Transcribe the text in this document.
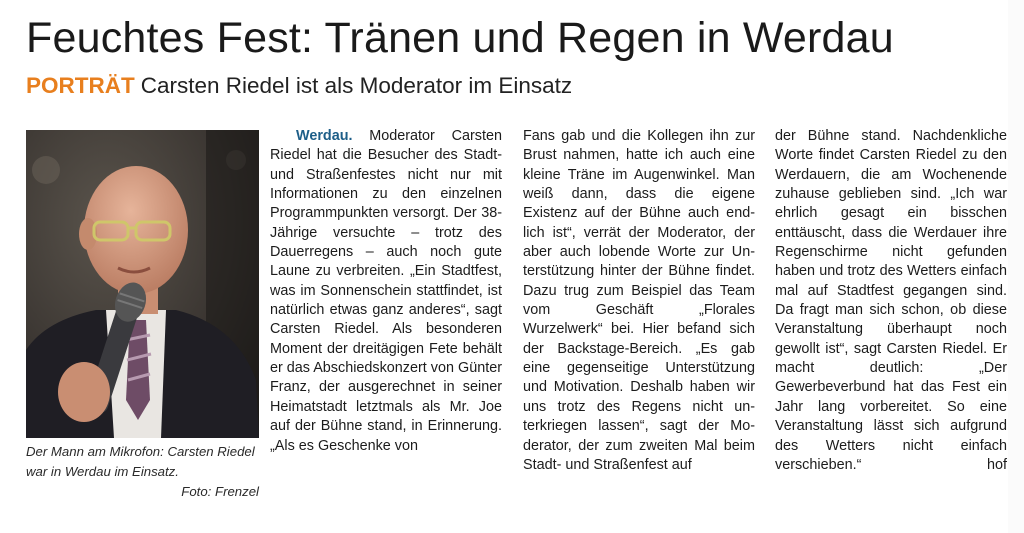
Feuchtes Fest: Tränen und Regen in Werdau
PORTRÄT Carsten Riedel ist als Moderator im Einsatz
Der Mann am Mikrofon: Carsten Riedel war in Werdau im Einsatz.
Foto: Frenzel

Werdau. Moderator Carsten Riedel hat die Besucher des Stadt- und Straßenfestes nicht nur mit Informationen zu den einzelnen Programmpunkten versorgt. Der 38-Jährige versuchte – trotz des Dauerregens – auch noch gute Laune zu verbreiten. „Ein Stadtfest, was im Sonnenschein stattfindet, ist natürlich etwas ganz anderes“, sagt Carsten Riedel. Als besonderen Moment der dreitägigen Fete behält er das Abschiedskonzert von Günter Franz, der ausgerechnet in seiner Heimatstadt letztmals als Mr. Joe auf der Bühne stand, in Erinnerung. „Als es Geschenke von

Fans gab und die Kollegen ihn zur Brust nahmen, hatte ich auch eine kleine Träne im Augenwinkel. Man weiß dann, dass die eigene Existenz auf der Bühne auch endlich ist“, verrät der Moderator, der aber auch lobende Worte zur Unterstützung hinter der Bühne findet. Dazu trug zum Beispiel das Team vom Geschäft „Florales Wurzelwerk“ bei. Hier befand sich der Backstage-Bereich. „Es gab eine gegenseitige Unterstützung und Motivation. Deshalb haben wir uns trotz des Regens nicht unterkriegen lassen“, sagt der Moderator, der zum zweiten Mal beim Stadt- und Straßenfest auf

der Bühne stand. Nachdenkliche Worte findet Carsten Riedel zu den Werdauern, die am Wochenende zuhause geblieben sind. „Ich war ehrlich gesagt ein bisschen enttäuscht, dass die Werdauer ihre Regenschirme nicht gefunden haben und trotz des Wetters einfach mal auf Stadtfest gegangen sind. Da fragt man sich schon, ob diese Veranstaltung überhaupt noch gewollt ist“, sagt Carsten Riedel. Er macht deutlich: „Der Gewerbeverbund hat das Fest ein Jahr lang vorbereitet. So eine Veranstaltung lässt sich aufgrund des Wetters nicht einfach verschieben.“	hof
